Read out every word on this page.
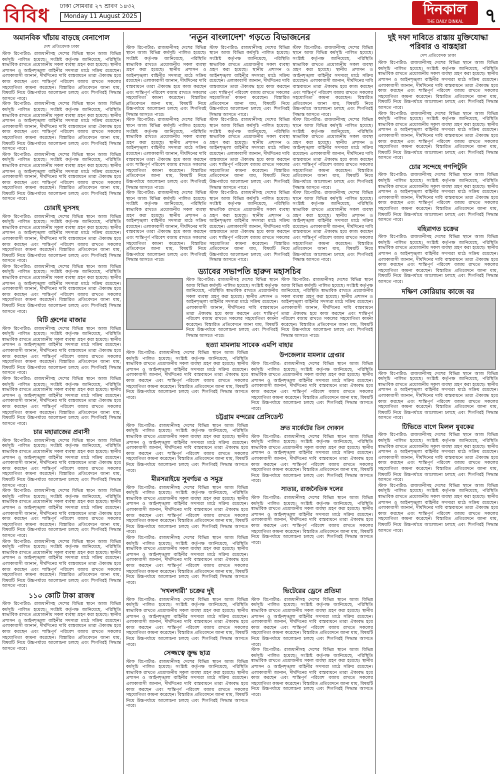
বিবিধ ঢাকা সোমবার ২৭ শ্রাবণ ১৪৩২
Monday 11 August 2025	দিনকাল
THE DAILY DINKAL	৭
অমানবিক খাঁচায় বাড়ছে বেনাপোল
দেশ প্রতিবেদক ঢাকা

স্টাফ রিপোর্টার: রাজধানীসহ দেশের বিভিন্ন স্থানে আজ বিভিন্ন কর্মসূচি পালিত হয়েছে। সংশ্লিষ্ট কর্তৃপক্ষ জানিয়েছে, পরিস্থিতি স্বাভাবিক রাখতে প্রয়োজনীয় সকল ব্যবস্থা গ্রহণ করা হয়েছে। স্থানীয় প্রশাসন ও আইনশৃঙ্খলা বাহিনীর সদস্যরা মাঠে সক্রিয় রয়েছেন। এলাকাবাসী জানান, দীর্ঘদিনের দাবি বাস্তবায়নে তারা ঐক্যবদ্ধ হয়ে কাজ করছেন এবং শান্তিপূর্ণ পরিবেশ বজায় রাখতে সকলের সহযোগিতা কামনা করেছেন। বিস্তারিত প্রতিবেদনে জানা যায়, বিষয়টি নিয়ে উচ্চপর্যায়ে আলোচনা চলছে এবং শিগগিরই সিদ্ধান্ত আসতে পারে।

স্টাফ রিপোর্টার: রাজধানীসহ দেশের বিভিন্ন স্থানে আজ বিভিন্ন কর্মসূচি পালিত হয়েছে। সংশ্লিষ্ট কর্তৃপক্ষ জানিয়েছে, পরিস্থিতি স্বাভাবিক রাখতে প্রয়োজনীয় সকল ব্যবস্থা গ্রহণ করা হয়েছে। স্থানীয় প্রশাসন ও আইনশৃঙ্খলা বাহিনীর সদস্যরা মাঠে সক্রিয় রয়েছেন। এলাকাবাসী জানান, দীর্ঘদিনের দাবি বাস্তবায়নে তারা ঐক্যবদ্ধ হয়ে কাজ করছেন এবং শান্তিপূর্ণ পরিবেশ বজায় রাখতে সকলের সহযোগিতা কামনা করেছেন। বিস্তারিত প্রতিবেদনে জানা যায়, বিষয়টি নিয়ে উচ্চপর্যায়ে আলোচনা চলছে এবং শিগগিরই সিদ্ধান্ত আসতে পারে।

স্টাফ রিপোর্টার: রাজধানীসহ দেশের বিভিন্ন স্থানে আজ বিভিন্ন কর্মসূচি পালিত হয়েছে। সংশ্লিষ্ট কর্তৃপক্ষ জানিয়েছে, পরিস্থিতি স্বাভাবিক রাখতে প্রয়োজনীয় সকল ব্যবস্থা গ্রহণ করা হয়েছে। স্থানীয় প্রশাসন ও আইনশৃঙ্খলা বাহিনীর সদস্যরা মাঠে সক্রিয় রয়েছেন। এলাকাবাসী জানান, দীর্ঘদিনের দাবি বাস্তবায়নে তারা ঐক্যবদ্ধ হয়ে কাজ করছেন এবং শান্তিপূর্ণ পরিবেশ বজায় রাখতে সকলের সহযোগিতা কামনা করেছেন। বিস্তারিত প্রতিবেদনে জানা যায়, বিষয়টি নিয়ে উচ্চপর্যায়ে আলোচনা চলছে এবং শিগগিরই সিদ্ধান্ত আসতে পারে।

চোরাই ঘুসসহ

স্টাফ রিপোর্টার: রাজধানীসহ দেশের বিভিন্ন স্থানে আজ বিভিন্ন কর্মসূচি পালিত হয়েছে। সংশ্লিষ্ট কর্তৃপক্ষ জানিয়েছে, পরিস্থিতি স্বাভাবিক রাখতে প্রয়োজনীয় সকল ব্যবস্থা গ্রহণ করা হয়েছে। স্থানীয় প্রশাসন ও আইনশৃঙ্খলা বাহিনীর সদস্যরা মাঠে সক্রিয় রয়েছেন। এলাকাবাসী জানান, দীর্ঘদিনের দাবি বাস্তবায়নে তারা ঐক্যবদ্ধ হয়ে কাজ করছেন এবং শান্তিপূর্ণ পরিবেশ বজায় রাখতে সকলের সহযোগিতা কামনা করেছেন। বিস্তারিত প্রতিবেদনে জানা যায়, বিষয়টি নিয়ে উচ্চপর্যায়ে আলোচনা চলছে এবং শিগগিরই সিদ্ধান্ত আসতে পারে।

স্টাফ রিপোর্টার: রাজধানীসহ দেশের বিভিন্ন স্থানে আজ বিভিন্ন কর্মসূচি পালিত হয়েছে। সংশ্লিষ্ট কর্তৃপক্ষ জানিয়েছে, পরিস্থিতি স্বাভাবিক রাখতে প্রয়োজনীয় সকল ব্যবস্থা গ্রহণ করা হয়েছে। স্থানীয় প্রশাসন ও আইনশৃঙ্খলা বাহিনীর সদস্যরা মাঠে সক্রিয় রয়েছেন। এলাকাবাসী জানান, দীর্ঘদিনের দাবি বাস্তবায়নে তারা ঐক্যবদ্ধ হয়ে কাজ করছেন এবং শান্তিপূর্ণ পরিবেশ বজায় রাখতে সকলের সহযোগিতা কামনা করেছেন। বিস্তারিত প্রতিবেদনে জানা যায়, বিষয়টি নিয়ে উচ্চপর্যায়ে আলোচনা চলছে এবং শিগগিরই সিদ্ধান্ত আসতে পারে।

বিটি গ্রুপের বাজার

স্টাফ রিপোর্টার: রাজধানীসহ দেশের বিভিন্ন স্থানে আজ বিভিন্ন কর্মসূচি পালিত হয়েছে। সংশ্লিষ্ট কর্তৃপক্ষ জানিয়েছে, পরিস্থিতি স্বাভাবিক রাখতে প্রয়োজনীয় সকল ব্যবস্থা গ্রহণ করা হয়েছে। স্থানীয় প্রশাসন ও আইনশৃঙ্খলা বাহিনীর সদস্যরা মাঠে সক্রিয় রয়েছেন। এলাকাবাসী জানান, দীর্ঘদিনের দাবি বাস্তবায়নে তারা ঐক্যবদ্ধ হয়ে কাজ করছেন এবং শান্তিপূর্ণ পরিবেশ বজায় রাখতে সকলের সহযোগিতা কামনা করেছেন। বিস্তারিত প্রতিবেদনে জানা যায়, বিষয়টি নিয়ে উচ্চপর্যায়ে আলোচনা চলছে এবং শিগগিরই সিদ্ধান্ত আসতে পারে।

স্টাফ রিপোর্টার: রাজধানীসহ দেশের বিভিন্ন স্থানে আজ বিভিন্ন কর্মসূচি পালিত হয়েছে। সংশ্লিষ্ট কর্তৃপক্ষ জানিয়েছে, পরিস্থিতি স্বাভাবিক রাখতে প্রয়োজনীয় সকল ব্যবস্থা গ্রহণ করা হয়েছে। স্থানীয় প্রশাসন ও আইনশৃঙ্খলা বাহিনীর সদস্যরা মাঠে সক্রিয় রয়েছেন। এলাকাবাসী জানান, দীর্ঘদিনের দাবি বাস্তবায়নে তারা ঐক্যবদ্ধ হয়ে কাজ করছেন এবং শান্তিপূর্ণ পরিবেশ বজায় রাখতে সকলের সহযোগিতা কামনা করেছেন। বিস্তারিত প্রতিবেদনে জানা যায়, বিষয়টি নিয়ে উচ্চপর্যায়ে আলোচনা চলছে এবং শিগগিরই সিদ্ধান্ত আসতে পারে।

চার মহারাজের প্রবাসী

স্টাফ রিপোর্টার: রাজধানীসহ দেশের বিভিন্ন স্থানে আজ বিভিন্ন কর্মসূচি পালিত হয়েছে। সংশ্লিষ্ট কর্তৃপক্ষ জানিয়েছে, পরিস্থিতি স্বাভাবিক রাখতে প্রয়োজনীয় সকল ব্যবস্থা গ্রহণ করা হয়েছে। স্থানীয় প্রশাসন ও আইনশৃঙ্খলা বাহিনীর সদস্যরা মাঠে সক্রিয় রয়েছেন। এলাকাবাসী জানান, দীর্ঘদিনের দাবি বাস্তবায়নে তারা ঐক্যবদ্ধ হয়ে কাজ করছেন এবং শান্তিপূর্ণ পরিবেশ বজায় রাখতে সকলের সহযোগিতা কামনা করেছেন। বিস্তারিত প্রতিবেদনে জানা যায়, বিষয়টি নিয়ে উচ্চপর্যায়ে আলোচনা চলছে এবং শিগগিরই সিদ্ধান্ত আসতে পারে।

স্টাফ রিপোর্টার: রাজধানীসহ দেশের বিভিন্ন স্থানে আজ বিভিন্ন কর্মসূচি পালিত হয়েছে। সংশ্লিষ্ট কর্তৃপক্ষ জানিয়েছে, পরিস্থিতি স্বাভাবিক রাখতে প্রয়োজনীয় সকল ব্যবস্থা গ্রহণ করা হয়েছে। স্থানীয় প্রশাসন ও আইনশৃঙ্খলা বাহিনীর সদস্যরা মাঠে সক্রিয় রয়েছেন। এলাকাবাসী জানান, দীর্ঘদিনের দাবি বাস্তবায়নে তারা ঐক্যবদ্ধ হয়ে কাজ করছেন এবং শান্তিপূর্ণ পরিবেশ বজায় রাখতে সকলের সহযোগিতা কামনা করেছেন। বিস্তারিত প্রতিবেদনে জানা যায়, বিষয়টি নিয়ে উচ্চপর্যায়ে আলোচনা চলছে এবং শিগগিরই সিদ্ধান্ত আসতে পারে।

স্টাফ রিপোর্টার: রাজধানীসহ দেশের বিভিন্ন স্থানে আজ বিভিন্ন কর্মসূচি পালিত হয়েছে। সংশ্লিষ্ট কর্তৃপক্ষ জানিয়েছে, পরিস্থিতি স্বাভাবিক রাখতে প্রয়োজনীয় সকল ব্যবস্থা গ্রহণ করা হয়েছে। স্থানীয় প্রশাসন ও আইনশৃঙ্খলা বাহিনীর সদস্যরা মাঠে সক্রিয় রয়েছেন। এলাকাবাসী জানান, দীর্ঘদিনের দাবি বাস্তবায়নে তারা ঐক্যবদ্ধ হয়ে কাজ করছেন এবং শান্তিপূর্ণ পরিবেশ বজায় রাখতে সকলের সহযোগিতা কামনা করেছেন। বিস্তারিত প্রতিবেদনে জানা যায়, বিষয়টি নিয়ে উচ্চপর্যায়ে আলোচনা চলছে এবং শিগগিরই সিদ্ধান্ত আসতে পারে।

১১০ কোটি টাকা রাজস্ব

স্টাফ রিপোর্টার: রাজধানীসহ দেশের বিভিন্ন স্থানে আজ বিভিন্ন কর্মসূচি পালিত হয়েছে। সংশ্লিষ্ট কর্তৃপক্ষ জানিয়েছে, পরিস্থিতি স্বাভাবিক রাখতে প্রয়োজনীয় সকল ব্যবস্থা গ্রহণ করা হয়েছে। স্থানীয় প্রশাসন ও আইনশৃঙ্খলা বাহিনীর সদস্যরা মাঠে সক্রিয় রয়েছেন। এলাকাবাসী জানান, দীর্ঘদিনের দাবি বাস্তবায়নে তারা ঐক্যবদ্ধ হয়ে কাজ করছেন এবং শান্তিপূর্ণ পরিবেশ বজায় রাখতে সকলের সহযোগিতা কামনা করেছেন। বিস্তারিত প্রতিবেদনে জানা যায়, বিষয়টি নিয়ে উচ্চপর্যায়ে আলোচনা চলছে এবং শিগগিরই সিদ্ধান্ত আসতে পারে।

'নতুন বাংলাদেশ' গড়তে বিভাজনের

স্টাফ রিপোর্টার: রাজধানীসহ দেশের বিভিন্ন স্থানে আজ বিভিন্ন কর্মসূচি পালিত হয়েছে। সংশ্লিষ্ট কর্তৃপক্ষ জানিয়েছে, পরিস্থিতি স্বাভাবিক রাখতে প্রয়োজনীয় সকল ব্যবস্থা গ্রহণ করা হয়েছে। স্থানীয় প্রশাসন ও আইনশৃঙ্খলা বাহিনীর সদস্যরা মাঠে সক্রিয় রয়েছেন। এলাকাবাসী জানান, দীর্ঘদিনের দাবি বাস্তবায়নে তারা ঐক্যবদ্ধ হয়ে কাজ করছেন এবং শান্তিপূর্ণ পরিবেশ বজায় রাখতে সকলের সহযোগিতা কামনা করেছেন। বিস্তারিত প্রতিবেদনে জানা যায়, বিষয়টি নিয়ে উচ্চপর্যায়ে আলোচনা চলছে এবং শিগগিরই সিদ্ধান্ত আসতে পারে।

স্টাফ রিপোর্টার: রাজধানীসহ দেশের বিভিন্ন স্থানে আজ বিভিন্ন কর্মসূচি পালিত হয়েছে। সংশ্লিষ্ট কর্তৃপক্ষ জানিয়েছে, পরিস্থিতি স্বাভাবিক রাখতে প্রয়োজনীয় সকল ব্যবস্থা গ্রহণ করা হয়েছে। স্থানীয় প্রশাসন ও আইনশৃঙ্খলা বাহিনীর সদস্যরা মাঠে সক্রিয় রয়েছেন। এলাকাবাসী জানান, দীর্ঘদিনের দাবি বাস্তবায়নে তারা ঐক্যবদ্ধ হয়ে কাজ করছেন এবং শান্তিপূর্ণ পরিবেশ বজায় রাখতে সকলের সহযোগিতা কামনা করেছেন। বিস্তারিত প্রতিবেদনে জানা যায়, বিষয়টি নিয়ে উচ্চপর্যায়ে আলোচনা চলছে এবং শিগগিরই সিদ্ধান্ত আসতে পারে।

স্টাফ রিপোর্টার: রাজধানীসহ দেশের বিভিন্ন স্থানে আজ বিভিন্ন কর্মসূচি পালিত হয়েছে। সংশ্লিষ্ট কর্তৃপক্ষ জানিয়েছে, পরিস্থিতি স্বাভাবিক রাখতে প্রয়োজনীয় সকল ব্যবস্থা গ্রহণ করা হয়েছে। স্থানীয় প্রশাসন ও আইনশৃঙ্খলা বাহিনীর সদস্যরা মাঠে সক্রিয় রয়েছেন। এলাকাবাসী জানান, দীর্ঘদিনের দাবি বাস্তবায়নে তারা ঐক্যবদ্ধ হয়ে কাজ করছেন এবং শান্তিপূর্ণ পরিবেশ বজায় রাখতে সকলের সহযোগিতা কামনা করেছেন। বিস্তারিত প্রতিবেদনে জানা যায়, বিষয়টি নিয়ে উচ্চপর্যায়ে আলোচনা চলছে এবং শিগগিরই সিদ্ধান্ত আসতে পারে।

স্টাফ রিপোর্টার: রাজধানীসহ দেশের বিভিন্ন স্থানে আজ বিভিন্ন কর্মসূচি পালিত হয়েছে। সংশ্লিষ্ট কর্তৃপক্ষ জানিয়েছে, পরিস্থিতি স্বাভাবিক রাখতে প্রয়োজনীয় সকল ব্যবস্থা গ্রহণ করা হয়েছে। স্থানীয় প্রশাসন ও আইনশৃঙ্খলা বাহিনীর সদস্যরা মাঠে সক্রিয় রয়েছেন। এলাকাবাসী জানান, দীর্ঘদিনের দাবি বাস্তবায়নে তারা ঐক্যবদ্ধ হয়ে কাজ করছেন এবং শান্তিপূর্ণ পরিবেশ বজায় রাখতে সকলের সহযোগিতা কামনা করেছেন। বিস্তারিত প্রতিবেদনে জানা যায়, বিষয়টি নিয়ে উচ্চপর্যায়ে আলোচনা চলছে এবং শিগগিরই সিদ্ধান্ত আসতে পারে।

স্টাফ রিপোর্টার: রাজধানীসহ দেশের বিভিন্ন স্থানে আজ বিভিন্ন কর্মসূচি পালিত হয়েছে। সংশ্লিষ্ট কর্তৃপক্ষ জানিয়েছে, পরিস্থিতি স্বাভাবিক রাখতে প্রয়োজনীয় সকল ব্যবস্থা গ্রহণ করা হয়েছে। স্থানীয় প্রশাসন ও আইনশৃঙ্খলা বাহিনীর সদস্যরা মাঠে সক্রিয় রয়েছেন। এলাকাবাসী জানান, দীর্ঘদিনের দাবি বাস্তবায়নে তারা ঐক্যবদ্ধ হয়ে কাজ করছেন এবং শান্তিপূর্ণ পরিবেশ বজায় রাখতে সকলের সহযোগিতা কামনা করেছেন। বিস্তারিত প্রতিবেদনে জানা যায়, বিষয়টি নিয়ে উচ্চপর্যায়ে আলোচনা চলছে এবং শিগগিরই সিদ্ধান্ত আসতে পারে।

স্টাফ রিপোর্টার: রাজধানীসহ দেশের বিভিন্ন স্থানে আজ বিভিন্ন কর্মসূচি পালিত হয়েছে। সংশ্লিষ্ট কর্তৃপক্ষ জানিয়েছে, পরিস্থিতি স্বাভাবিক রাখতে প্রয়োজনীয় সকল ব্যবস্থা গ্রহণ করা হয়েছে। স্থানীয় প্রশাসন ও আইনশৃঙ্খলা বাহিনীর সদস্যরা মাঠে সক্রিয় রয়েছেন। এলাকাবাসী জানান, দীর্ঘদিনের দাবি বাস্তবায়নে তারা ঐক্যবদ্ধ হয়ে কাজ করছেন এবং শান্তিপূর্ণ পরিবেশ বজায় রাখতে সকলের সহযোগিতা কামনা করেছেন। বিস্তারিত প্রতিবেদনে জানা যায়, বিষয়টি নিয়ে উচ্চপর্যায়ে আলোচনা চলছে এবং শিগগিরই সিদ্ধান্ত আসতে পারে।

স্টাফ রিপোর্টার: রাজধানীসহ দেশের বিভিন্ন স্থানে আজ বিভিন্ন কর্মসূচি পালিত হয়েছে। সংশ্লিষ্ট কর্তৃপক্ষ জানিয়েছে, পরিস্থিতি স্বাভাবিক রাখতে প্রয়োজনীয় সকল ব্যবস্থা গ্রহণ করা হয়েছে। স্থানীয় প্রশাসন ও আইনশৃঙ্খলা বাহিনীর সদস্যরা মাঠে সক্রিয় রয়েছেন। এলাকাবাসী জানান, দীর্ঘদিনের দাবি বাস্তবায়নে তারা ঐক্যবদ্ধ হয়ে কাজ করছেন এবং শান্তিপূর্ণ পরিবেশ বজায় রাখতে সকলের সহযোগিতা কামনা করেছেন। বিস্তারিত প্রতিবেদনে জানা যায়, বিষয়টি নিয়ে উচ্চপর্যায়ে আলোচনা চলছে এবং শিগগিরই সিদ্ধান্ত আসতে পারে।

স্টাফ রিপোর্টার: রাজধানীসহ দেশের বিভিন্ন স্থানে আজ বিভিন্ন কর্মসূচি পালিত হয়েছে। সংশ্লিষ্ট কর্তৃপক্ষ জানিয়েছে, পরিস্থিতি স্বাভাবিক রাখতে প্রয়োজনীয় সকল ব্যবস্থা গ্রহণ করা হয়েছে। স্থানীয় প্রশাসন ও আইনশৃঙ্খলা বাহিনীর সদস্যরা মাঠে সক্রিয় রয়েছেন। এলাকাবাসী জানান, দীর্ঘদিনের দাবি বাস্তবায়নে তারা ঐক্যবদ্ধ হয়ে কাজ করছেন এবং শান্তিপূর্ণ পরিবেশ বজায় রাখতে সকলের সহযোগিতা কামনা করেছেন। বিস্তারিত প্রতিবেদনে জানা যায়, বিষয়টি নিয়ে উচ্চপর্যায়ে আলোচনা চলছে এবং শিগগিরই সিদ্ধান্ত আসতে পারে।

স্টাফ রিপোর্টার: রাজধানীসহ দেশের বিভিন্ন স্থানে আজ বিভিন্ন কর্মসূচি পালিত হয়েছে। সংশ্লিষ্ট কর্তৃপক্ষ জানিয়েছে, পরিস্থিতি স্বাভাবিক রাখতে প্রয়োজনীয় সকল ব্যবস্থা গ্রহণ করা হয়েছে। স্থানীয় প্রশাসন ও আইনশৃঙ্খলা বাহিনীর সদস্যরা মাঠে সক্রিয় রয়েছেন। এলাকাবাসী জানান, দীর্ঘদিনের দাবি বাস্তবায়নে তারা ঐক্যবদ্ধ হয়ে কাজ করছেন এবং শান্তিপূর্ণ পরিবেশ বজায় রাখতে সকলের সহযোগিতা কামনা করেছেন। বিস্তারিত প্রতিবেদনে জানা যায়, বিষয়টি নিয়ে উচ্চপর্যায়ে আলোচনা চলছে এবং শিগগিরই সিদ্ধান্ত আসতে পারে।

ড্যাবের সভাপতি হারুন মহাসচিব

স্টাফ রিপোর্টার: রাজধানীসহ দেশের বিভিন্ন স্থানে আজ বিভিন্ন কর্মসূচি পালিত হয়েছে। সংশ্লিষ্ট কর্তৃপক্ষ জানিয়েছে, পরিস্থিতি স্বাভাবিক রাখতে প্রয়োজনীয় সকল ব্যবস্থা গ্রহণ করা হয়েছে। স্থানীয় প্রশাসন ও আইনশৃঙ্খলা বাহিনীর সদস্যরা মাঠে সক্রিয় রয়েছেন। এলাকাবাসী জানান, দীর্ঘদিনের দাবি বাস্তবায়নে তারা ঐক্যবদ্ধ হয়ে কাজ করছেন এবং শান্তিপূর্ণ পরিবেশ বজায় রাখতে সকলের সহযোগিতা কামনা করেছেন। বিস্তারিত প্রতিবেদনে জানা যায়, বিষয়টি নিয়ে উচ্চপর্যায়ে আলোচনা চলছে এবং শিগগিরই সিদ্ধান্ত আসতে পারে।

স্টাফ রিপোর্টার: রাজধানীসহ দেশের বিভিন্ন স্থানে আজ বিভিন্ন কর্মসূচি পালিত হয়েছে। সংশ্লিষ্ট কর্তৃপক্ষ জানিয়েছে, পরিস্থিতি স্বাভাবিক রাখতে প্রয়োজনীয় সকল ব্যবস্থা গ্রহণ করা হয়েছে। স্থানীয় প্রশাসন ও আইনশৃঙ্খলা বাহিনীর সদস্যরা মাঠে সক্রিয় রয়েছেন। এলাকাবাসী জানান, দীর্ঘদিনের দাবি বাস্তবায়নে তারা ঐক্যবদ্ধ হয়ে কাজ করছেন এবং শান্তিপূর্ণ পরিবেশ বজায় রাখতে সকলের সহযোগিতা কামনা করেছেন। বিস্তারিত প্রতিবেদনে জানা যায়, বিষয়টি নিয়ে উচ্চপর্যায়ে আলোচনা চলছে এবং শিগগিরই সিদ্ধান্ত আসতে পারে।

হত্যা মামলায় সাবেক এমপি বাহার

স্টাফ রিপোর্টার: রাজধানীসহ দেশের বিভিন্ন স্থানে আজ বিভিন্ন কর্মসূচি পালিত হয়েছে। সংশ্লিষ্ট কর্তৃপক্ষ জানিয়েছে, পরিস্থিতি স্বাভাবিক রাখতে প্রয়োজনীয় সকল ব্যবস্থা গ্রহণ করা হয়েছে। স্থানীয় প্রশাসন ও আইনশৃঙ্খলা বাহিনীর সদস্যরা মাঠে সক্রিয় রয়েছেন। এলাকাবাসী জানান, দীর্ঘদিনের দাবি বাস্তবায়নে তারা ঐক্যবদ্ধ হয়ে কাজ করছেন এবং শান্তিপূর্ণ পরিবেশ বজায় রাখতে সকলের সহযোগিতা কামনা করেছেন। বিস্তারিত প্রতিবেদনে জানা যায়, বিষয়টি নিয়ে উচ্চপর্যায়ে আলোচনা চলছে এবং শিগগিরই সিদ্ধান্ত আসতে পারে।

উপজেলার মামলার গ্রেপ্তার

স্টাফ রিপোর্টার: রাজধানীসহ দেশের বিভিন্ন স্থানে আজ বিভিন্ন কর্মসূচি পালিত হয়েছে। সংশ্লিষ্ট কর্তৃপক্ষ জানিয়েছে, পরিস্থিতি স্বাভাবিক রাখতে প্রয়োজনীয় সকল ব্যবস্থা গ্রহণ করা হয়েছে। স্থানীয় প্রশাসন ও আইনশৃঙ্খলা বাহিনীর সদস্যরা মাঠে সক্রিয় রয়েছেন। এলাকাবাসী জানান, দীর্ঘদিনের দাবি বাস্তবায়নে তারা ঐক্যবদ্ধ হয়ে কাজ করছেন এবং শান্তিপূর্ণ পরিবেশ বজায় রাখতে সকলের সহযোগিতা কামনা করেছেন। বিস্তারিত প্রতিবেদনে জানা যায়, বিষয়টি নিয়ে উচ্চপর্যায়ে আলোচনা চলছে এবং শিগগিরই সিদ্ধান্ত আসতে পারে।

চট্টগ্রাম বন্দরের প্রেসিডেন্ট

স্টাফ রিপোর্টার: রাজধানীসহ দেশের বিভিন্ন স্থানে আজ বিভিন্ন কর্মসূচি পালিত হয়েছে। সংশ্লিষ্ট কর্তৃপক্ষ জানিয়েছে, পরিস্থিতি স্বাভাবিক রাখতে প্রয়োজনীয় সকল ব্যবস্থা গ্রহণ করা হয়েছে। স্থানীয় প্রশাসন ও আইনশৃঙ্খলা বাহিনীর সদস্যরা মাঠে সক্রিয় রয়েছেন। এলাকাবাসী জানান, দীর্ঘদিনের দাবি বাস্তবায়নে তারা ঐক্যবদ্ধ হয়ে কাজ করছেন এবং শান্তিপূর্ণ পরিবেশ বজায় রাখতে সকলের সহযোগিতা কামনা করেছেন। বিস্তারিত প্রতিবেদনে জানা যায়, বিষয়টি নিয়ে উচ্চপর্যায়ে আলোচনা চলছে এবং শিগগিরই সিদ্ধান্ত আসতে পারে।

মীরসরাইয়ে সুবর্ণচর ও সমুদ্র

স্টাফ রিপোর্টার: রাজধানীসহ দেশের বিভিন্ন স্থানে আজ বিভিন্ন কর্মসূচি পালিত হয়েছে। সংশ্লিষ্ট কর্তৃপক্ষ জানিয়েছে, পরিস্থিতি স্বাভাবিক রাখতে প্রয়োজনীয় সকল ব্যবস্থা গ্রহণ করা হয়েছে। স্থানীয় প্রশাসন ও আইনশৃঙ্খলা বাহিনীর সদস্যরা মাঠে সক্রিয় রয়েছেন। এলাকাবাসী জানান, দীর্ঘদিনের দাবি বাস্তবায়নে তারা ঐক্যবদ্ধ হয়ে কাজ করছেন এবং শান্তিপূর্ণ পরিবেশ বজায় রাখতে সকলের সহযোগিতা কামনা করেছেন। বিস্তারিত প্রতিবেদনে জানা যায়, বিষয়টি নিয়ে উচ্চপর্যায়ে আলোচনা চলছে এবং শিগগিরই সিদ্ধান্ত আসতে পারে।

স্টাফ রিপোর্টার: রাজধানীসহ দেশের বিভিন্ন স্থানে আজ বিভিন্ন কর্মসূচি পালিত হয়েছে। সংশ্লিষ্ট কর্তৃপক্ষ জানিয়েছে, পরিস্থিতি স্বাভাবিক রাখতে প্রয়োজনীয় সকল ব্যবস্থা গ্রহণ করা হয়েছে। স্থানীয় প্রশাসন ও আইনশৃঙ্খলা বাহিনীর সদস্যরা মাঠে সক্রিয় রয়েছেন। এলাকাবাসী জানান, দীর্ঘদিনের দাবি বাস্তবায়নে তারা ঐক্যবদ্ধ হয়ে কাজ করছেন এবং শান্তিপূর্ণ পরিবেশ বজায় রাখতে সকলের সহযোগিতা কামনা করেছেন। বিস্তারিত প্রতিবেদনে জানা যায়, বিষয়টি নিয়ে উচ্চপর্যায়ে আলোচনা চলছে এবং শিগগিরই সিদ্ধান্ত আসতে পারে।

দ্রুত মার্কেটের তিন দোকান

স্টাফ রিপোর্টার: রাজধানীসহ দেশের বিভিন্ন স্থানে আজ বিভিন্ন কর্মসূচি পালিত হয়েছে। সংশ্লিষ্ট কর্তৃপক্ষ জানিয়েছে, পরিস্থিতি স্বাভাবিক রাখতে প্রয়োজনীয় সকল ব্যবস্থা গ্রহণ করা হয়েছে। স্থানীয় প্রশাসন ও আইনশৃঙ্খলা বাহিনীর সদস্যরা মাঠে সক্রিয় রয়েছেন। এলাকাবাসী জানান, দীর্ঘদিনের দাবি বাস্তবায়নে তারা ঐক্যবদ্ধ হয়ে কাজ করছেন এবং শান্তিপূর্ণ পরিবেশ বজায় রাখতে সকলের সহযোগিতা কামনা করেছেন। বিস্তারিত প্রতিবেদনে জানা যায়, বিষয়টি নিয়ে উচ্চপর্যায়ে আলোচনা চলছে এবং শিগগিরই সিদ্ধান্ত আসতে পারে।

সাতার, রাজনৈতিক দলের

স্টাফ রিপোর্টার: রাজধানীসহ দেশের বিভিন্ন স্থানে আজ বিভিন্ন কর্মসূচি পালিত হয়েছে। সংশ্লিষ্ট কর্তৃপক্ষ জানিয়েছে, পরিস্থিতি স্বাভাবিক রাখতে প্রয়োজনীয় সকল ব্যবস্থা গ্রহণ করা হয়েছে। স্থানীয় প্রশাসন ও আইনশৃঙ্খলা বাহিনীর সদস্যরা মাঠে সক্রিয় রয়েছেন। এলাকাবাসী জানান, দীর্ঘদিনের দাবি বাস্তবায়নে তারা ঐক্যবদ্ধ হয়ে কাজ করছেন এবং শান্তিপূর্ণ পরিবেশ বজায় রাখতে সকলের সহযোগিতা কামনা করেছেন। বিস্তারিত প্রতিবেদনে জানা যায়, বিষয়টি নিয়ে উচ্চপর্যায়ে আলোচনা চলছে এবং শিগগিরই সিদ্ধান্ত আসতে পারে।

'দখলদারী' চক্রের দুই

স্টাফ রিপোর্টার: রাজধানীসহ দেশের বিভিন্ন স্থানে আজ বিভিন্ন কর্মসূচি পালিত হয়েছে। সংশ্লিষ্ট কর্তৃপক্ষ জানিয়েছে, পরিস্থিতি স্বাভাবিক রাখতে প্রয়োজনীয় সকল ব্যবস্থা গ্রহণ করা হয়েছে। স্থানীয় প্রশাসন ও আইনশৃঙ্খলা বাহিনীর সদস্যরা মাঠে সক্রিয় রয়েছেন। এলাকাবাসী জানান, দীর্ঘদিনের দাবি বাস্তবায়নে তারা ঐক্যবদ্ধ হয়ে কাজ করছেন এবং শান্তিপূর্ণ পরিবেশ বজায় রাখতে সকলের সহযোগিতা কামনা করেছেন। বিস্তারিত প্রতিবেদনে জানা যায়, বিষয়টি নিয়ে উচ্চপর্যায়ে আলোচনা চলছে এবং শিগগিরই সিদ্ধান্ত আসতে পারে।

সেজ্জত্বে ক্রুদ্ধ ছাত্র

স্টাফ রিপোর্টার: রাজধানীসহ দেশের বিভিন্ন স্থানে আজ বিভিন্ন কর্মসূচি পালিত হয়েছে। সংশ্লিষ্ট কর্তৃপক্ষ জানিয়েছে, পরিস্থিতি স্বাভাবিক রাখতে প্রয়োজনীয় সকল ব্যবস্থা গ্রহণ করা হয়েছে। স্থানীয় প্রশাসন ও আইনশৃঙ্খলা বাহিনীর সদস্যরা মাঠে সক্রিয় রয়েছেন। এলাকাবাসী জানান, দীর্ঘদিনের দাবি বাস্তবায়নে তারা ঐক্যবদ্ধ হয়ে কাজ করছেন এবং শান্তিপূর্ণ পরিবেশ বজায় রাখতে সকলের সহযোগিতা কামনা করেছেন। বিস্তারিত প্রতিবেদনে জানা যায়, বিষয়টি নিয়ে উচ্চপর্যায়ে আলোচনা চলছে এবং শিগগিরই সিদ্ধান্ত আসতে পারে।

ভিটেরের ড্রেনে প্রতিমা

স্টাফ রিপোর্টার: রাজধানীসহ দেশের বিভিন্ন স্থানে আজ বিভিন্ন কর্মসূচি পালিত হয়েছে। সংশ্লিষ্ট কর্তৃপক্ষ জানিয়েছে, পরিস্থিতি স্বাভাবিক রাখতে প্রয়োজনীয় সকল ব্যবস্থা গ্রহণ করা হয়েছে। স্থানীয় প্রশাসন ও আইনশৃঙ্খলা বাহিনীর সদস্যরা মাঠে সক্রিয় রয়েছেন। এলাকাবাসী জানান, দীর্ঘদিনের দাবি বাস্তবায়নে তারা ঐক্যবদ্ধ হয়ে কাজ করছেন এবং শান্তিপূর্ণ পরিবেশ বজায় রাখতে সকলের সহযোগিতা কামনা করেছেন। বিস্তারিত প্রতিবেদনে জানা যায়, বিষয়টি নিয়ে উচ্চপর্যায়ে আলোচনা চলছে এবং শিগগিরই সিদ্ধান্ত আসতে পারে।

স্টাফ রিপোর্টার: রাজধানীসহ দেশের বিভিন্ন স্থানে আজ বিভিন্ন কর্মসূচি পালিত হয়েছে। সংশ্লিষ্ট কর্তৃপক্ষ জানিয়েছে, পরিস্থিতি স্বাভাবিক রাখতে প্রয়োজনীয় সকল ব্যবস্থা গ্রহণ করা হয়েছে। স্থানীয় প্রশাসন ও আইনশৃঙ্খলা বাহিনীর সদস্যরা মাঠে সক্রিয় রয়েছেন। এলাকাবাসী জানান, দীর্ঘদিনের দাবি বাস্তবায়নে তারা ঐক্যবদ্ধ হয়ে কাজ করছেন এবং শান্তিপূর্ণ পরিবেশ বজায় রাখতে সকলের সহযোগিতা কামনা করেছেন। বিস্তারিত প্রতিবেদনে জানা যায়, বিষয়টি নিয়ে উচ্চপর্যায়ে আলোচনা চলছে এবং শিগগিরই সিদ্ধান্ত আসতে পারে।

দুই দফা দাবিতে রাস্তায় মুক্তিযোদ্ধা পরিবার ও বাস্তহারা
দেশ প্রতিবেদক ঢাকা

স্টাফ রিপোর্টার: রাজধানীসহ দেশের বিভিন্ন স্থানে আজ বিভিন্ন কর্মসূচি পালিত হয়েছে। সংশ্লিষ্ট কর্তৃপক্ষ জানিয়েছে, পরিস্থিতি স্বাভাবিক রাখতে প্রয়োজনীয় সকল ব্যবস্থা গ্রহণ করা হয়েছে। স্থানীয় প্রশাসন ও আইনশৃঙ্খলা বাহিনীর সদস্যরা মাঠে সক্রিয় রয়েছেন। এলাকাবাসী জানান, দীর্ঘদিনের দাবি বাস্তবায়নে তারা ঐক্যবদ্ধ হয়ে কাজ করছেন এবং শান্তিপূর্ণ পরিবেশ বজায় রাখতে সকলের সহযোগিতা কামনা করেছেন। বিস্তারিত প্রতিবেদনে জানা যায়, বিষয়টি নিয়ে উচ্চপর্যায়ে আলোচনা চলছে এবং শিগগিরই সিদ্ধান্ত আসতে পারে।

স্টাফ রিপোর্টার: রাজধানীসহ দেশের বিভিন্ন স্থানে আজ বিভিন্ন কর্মসূচি পালিত হয়েছে। সংশ্লিষ্ট কর্তৃপক্ষ জানিয়েছে, পরিস্থিতি স্বাভাবিক রাখতে প্রয়োজনীয় সকল ব্যবস্থা গ্রহণ করা হয়েছে। স্থানীয় প্রশাসন ও আইনশৃঙ্খলা বাহিনীর সদস্যরা মাঠে সক্রিয় রয়েছেন। এলাকাবাসী জানান, দীর্ঘদিনের দাবি বাস্তবায়নে তারা ঐক্যবদ্ধ হয়ে কাজ করছেন এবং শান্তিপূর্ণ পরিবেশ বজায় রাখতে সকলের সহযোগিতা কামনা করেছেন। বিস্তারিত প্রতিবেদনে জানা যায়, বিষয়টি নিয়ে উচ্চপর্যায়ে আলোচনা চলছে এবং শিগগিরই সিদ্ধান্ত আসতে পারে।

চোর সন্দেহে গণপিটুনি

স্টাফ রিপোর্টার: রাজধানীসহ দেশের বিভিন্ন স্থানে আজ বিভিন্ন কর্মসূচি পালিত হয়েছে। সংশ্লিষ্ট কর্তৃপক্ষ জানিয়েছে, পরিস্থিতি স্বাভাবিক রাখতে প্রয়োজনীয় সকল ব্যবস্থা গ্রহণ করা হয়েছে। স্থানীয় প্রশাসন ও আইনশৃঙ্খলা বাহিনীর সদস্যরা মাঠে সক্রিয় রয়েছেন। এলাকাবাসী জানান, দীর্ঘদিনের দাবি বাস্তবায়নে তারা ঐক্যবদ্ধ হয়ে কাজ করছেন এবং শান্তিপূর্ণ পরিবেশ বজায় রাখতে সকলের সহযোগিতা কামনা করেছেন। বিস্তারিত প্রতিবেদনে জানা যায়, বিষয়টি নিয়ে উচ্চপর্যায়ে আলোচনা চলছে এবং শিগগিরই সিদ্ধান্ত আসতে পারে।

বহিরাগত চক্রের

স্টাফ রিপোর্টার: রাজধানীসহ দেশের বিভিন্ন স্থানে আজ বিভিন্ন কর্মসূচি পালিত হয়েছে। সংশ্লিষ্ট কর্তৃপক্ষ জানিয়েছে, পরিস্থিতি স্বাভাবিক রাখতে প্রয়োজনীয় সকল ব্যবস্থা গ্রহণ করা হয়েছে। স্থানীয় প্রশাসন ও আইনশৃঙ্খলা বাহিনীর সদস্যরা মাঠে সক্রিয় রয়েছেন। এলাকাবাসী জানান, দীর্ঘদিনের দাবি বাস্তবায়নে তারা ঐক্যবদ্ধ হয়ে কাজ করছেন এবং শান্তিপূর্ণ পরিবেশ বজায় রাখতে সকলের সহযোগিতা কামনা করেছেন। বিস্তারিত প্রতিবেদনে জানা যায়, বিষয়টি নিয়ে উচ্চপর্যায়ে আলোচনা চলছে এবং শিগগিরই সিদ্ধান্ত আসতে পারে।

দক্ষিণ কোরিয়ায় কাজে বর

স্টাফ রিপোর্টার: রাজধানীসহ দেশের বিভিন্ন স্থানে আজ বিভিন্ন কর্মসূচি পালিত হয়েছে। সংশ্লিষ্ট কর্তৃপক্ষ জানিয়েছে, পরিস্থিতি স্বাভাবিক রাখতে প্রয়োজনীয় সকল ব্যবস্থা গ্রহণ করা হয়েছে। স্থানীয় প্রশাসন ও আইনশৃঙ্খলা বাহিনীর সদস্যরা মাঠে সক্রিয় রয়েছেন। এলাকাবাসী জানান, দীর্ঘদিনের দাবি বাস্তবায়নে তারা ঐক্যবদ্ধ হয়ে কাজ করছেন এবং শান্তিপূর্ণ পরিবেশ বজায় রাখতে সকলের সহযোগিতা কামনা করেছেন। বিস্তারিত প্রতিবেদনে জানা যায়, বিষয়টি নিয়ে উচ্চপর্যায়ে আলোচনা চলছে এবং শিগগিরই সিদ্ধান্ত আসতে পারে।

টিভিতে বাগে মিলল যুবকের

স্টাফ রিপোর্টার: রাজধানীসহ দেশের বিভিন্ন স্থানে আজ বিভিন্ন কর্মসূচি পালিত হয়েছে। সংশ্লিষ্ট কর্তৃপক্ষ জানিয়েছে, পরিস্থিতি স্বাভাবিক রাখতে প্রয়োজনীয় সকল ব্যবস্থা গ্রহণ করা হয়েছে। স্থানীয় প্রশাসন ও আইনশৃঙ্খলা বাহিনীর সদস্যরা মাঠে সক্রিয় রয়েছেন। এলাকাবাসী জানান, দীর্ঘদিনের দাবি বাস্তবায়নে তারা ঐক্যবদ্ধ হয়ে কাজ করছেন এবং শান্তিপূর্ণ পরিবেশ বজায় রাখতে সকলের সহযোগিতা কামনা করেছেন। বিস্তারিত প্রতিবেদনে জানা যায়, বিষয়টি নিয়ে উচ্চপর্যায়ে আলোচনা চলছে এবং শিগগিরই সিদ্ধান্ত আসতে পারে।

স্টাফ রিপোর্টার: রাজধানীসহ দেশের বিভিন্ন স্থানে আজ বিভিন্ন কর্মসূচি পালিত হয়েছে। সংশ্লিষ্ট কর্তৃপক্ষ জানিয়েছে, পরিস্থিতি স্বাভাবিক রাখতে প্রয়োজনীয় সকল ব্যবস্থা গ্রহণ করা হয়েছে। স্থানীয় প্রশাসন ও আইনশৃঙ্খলা বাহিনীর সদস্যরা মাঠে সক্রিয় রয়েছেন। এলাকাবাসী জানান, দীর্ঘদিনের দাবি বাস্তবায়নে তারা ঐক্যবদ্ধ হয়ে কাজ করছেন এবং শান্তিপূর্ণ পরিবেশ বজায় রাখতে সকলের সহযোগিতা কামনা করেছেন। বিস্তারিত প্রতিবেদনে জানা যায়, বিষয়টি নিয়ে উচ্চপর্যায়ে আলোচনা চলছে এবং শিগগিরই সিদ্ধান্ত আসতে পারে।
